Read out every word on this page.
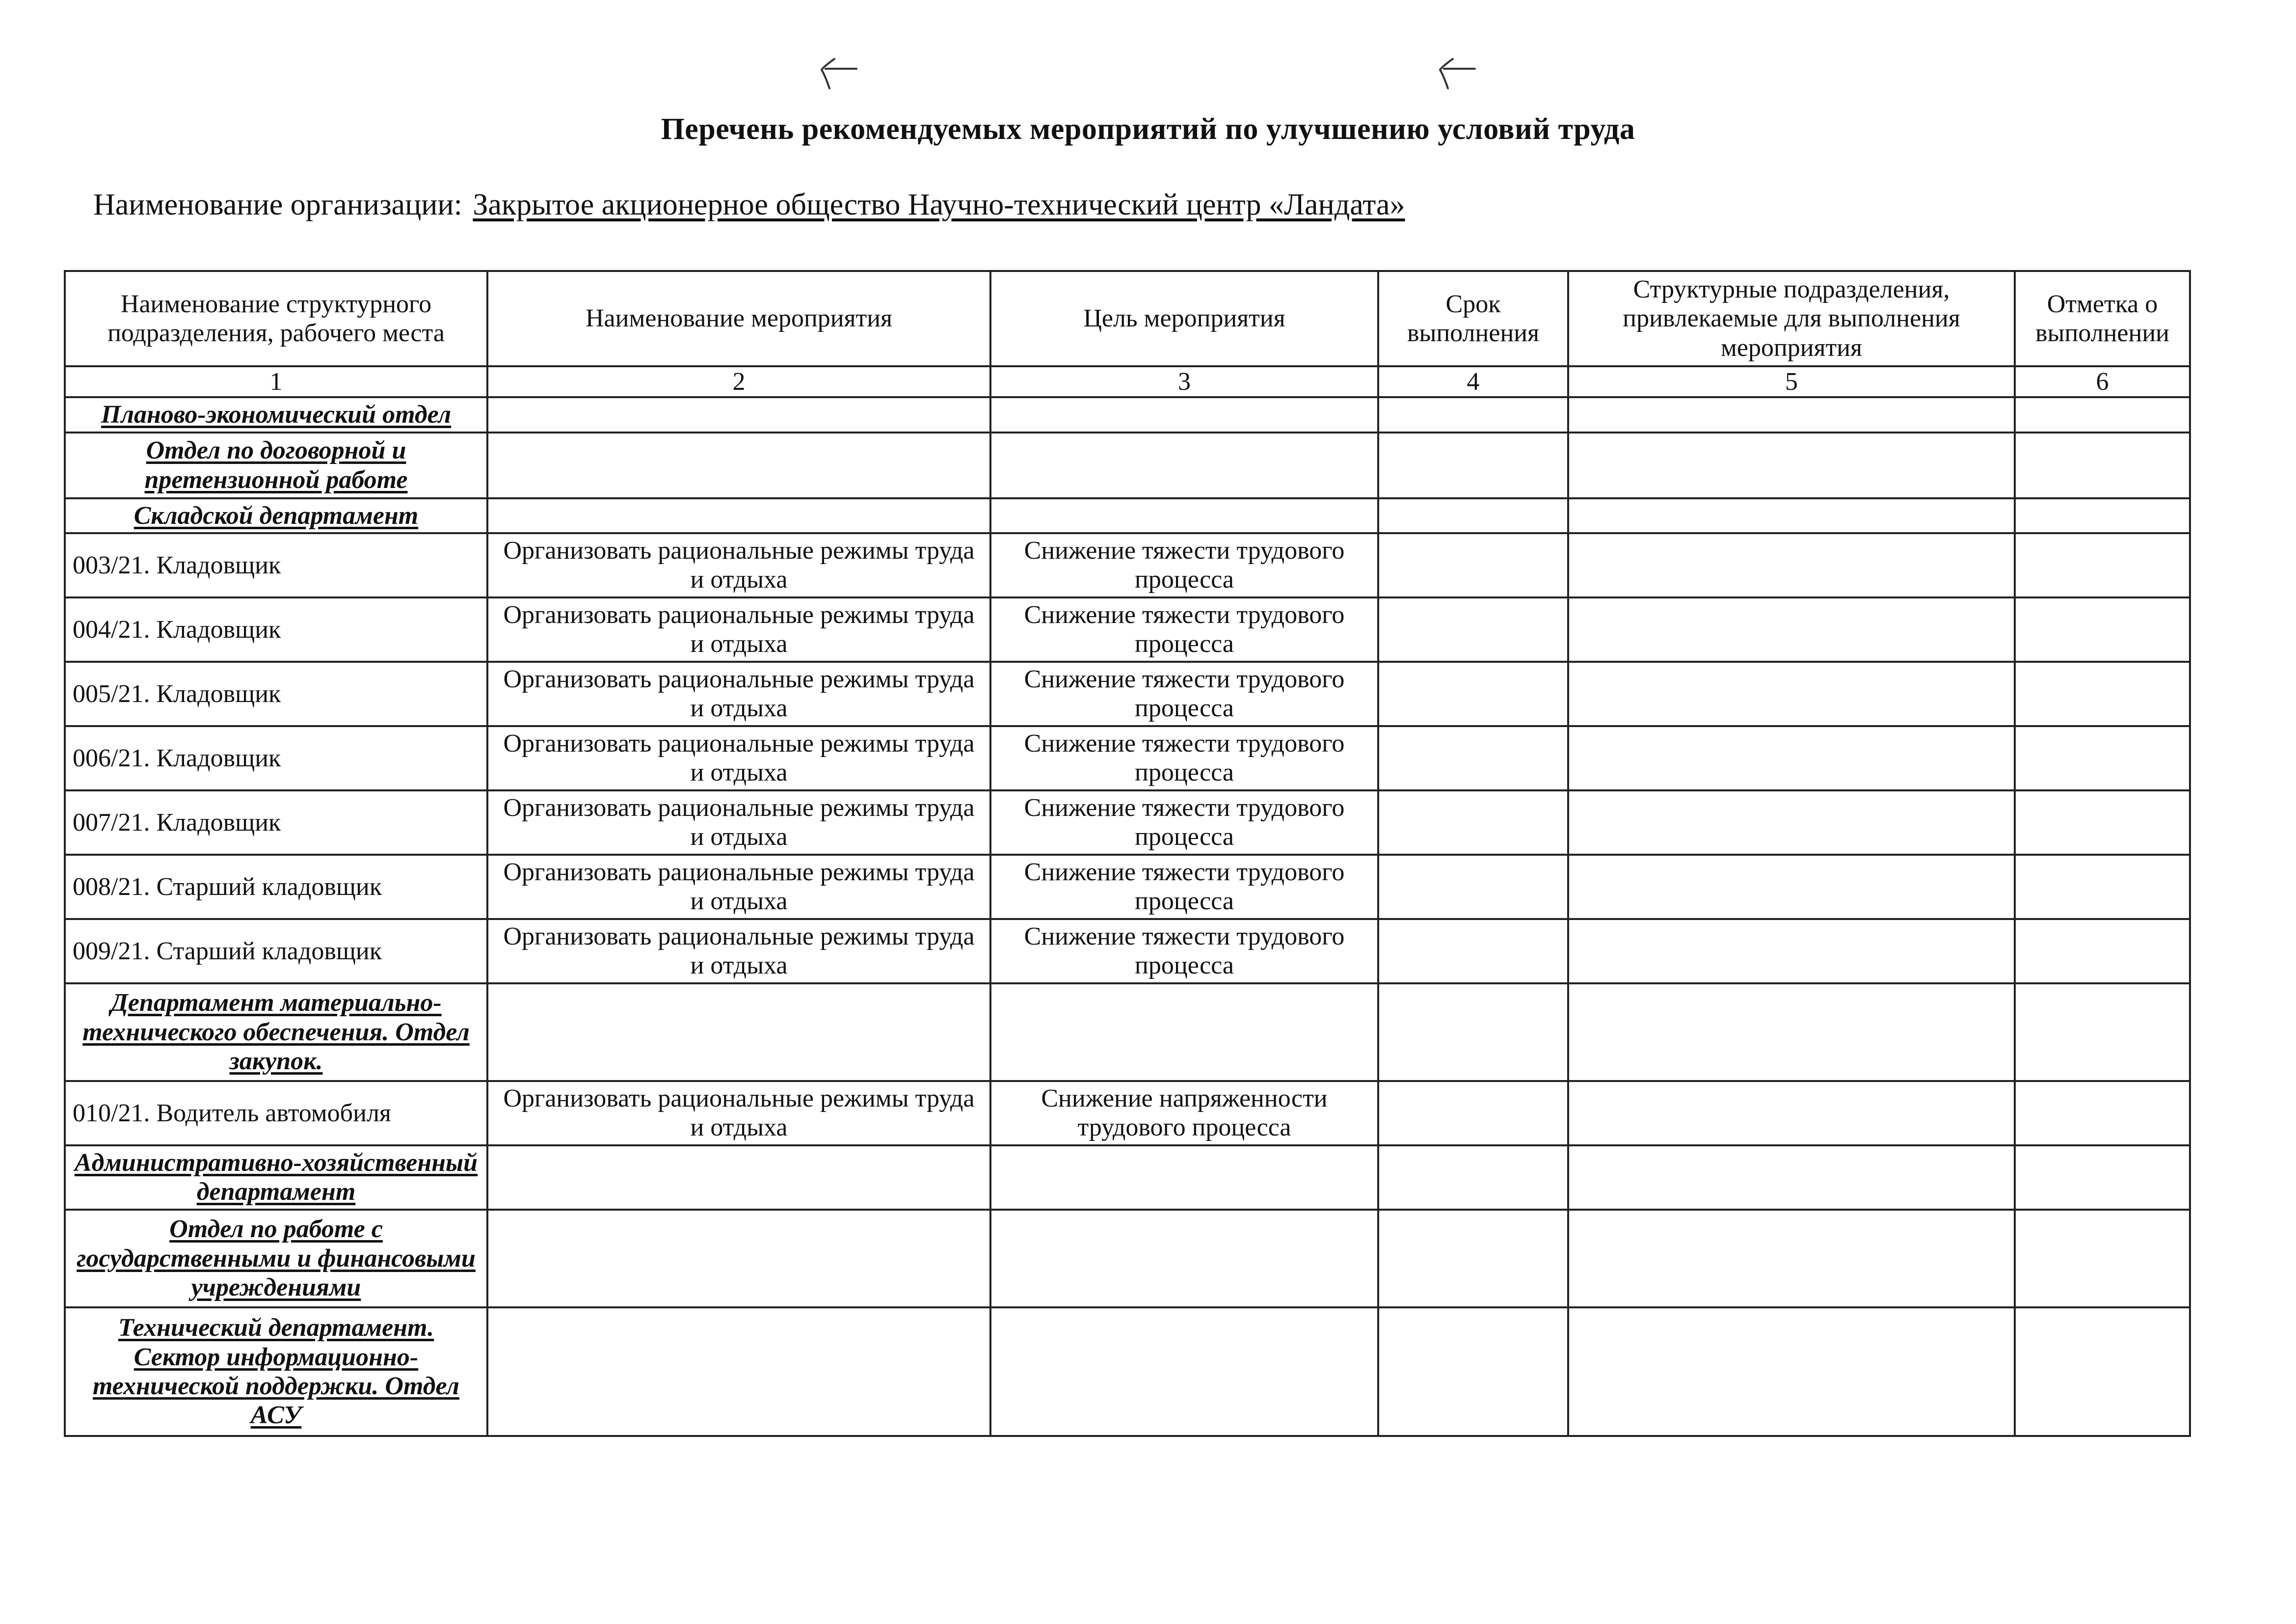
Перечень рекомендуемых мероприятий по улучшению условий труда
Наименование организации: Закрытое акционерное общество Научно-технический центр «Ландата»
Наименование структурного подразделения, рабочего места	Наименование мероприятия	Цель мероприятия	Срок выполнения	Структурные подразделения, привлекаемые для выполнения мероприятия	Отметка о выполнении
1	2	3	4	5	6
Планово-экономический отдел					
Отдел по договорной и претензионной работе					
Складской департамент					
003/21. Кладовщик	Организовать рациональные режимы труда и отдыха	Снижение тяжести трудового процесса			
004/21. Кладовщик	Организовать рациональные режимы труда и отдыха	Снижение тяжести трудового процесса			
005/21. Кладовщик	Организовать рациональные режимы труда и отдыха	Снижение тяжести трудового процесса			
006/21. Кладовщик	Организовать рациональные режимы труда и отдыха	Снижение тяжести трудового процесса			
007/21. Кладовщик	Организовать рациональные режимы труда и отдыха	Снижение тяжести трудового процесса			
008/21. Старший кладовщик	Организовать рациональные режимы труда и отдыха	Снижение тяжести трудового процесса			
009/21. Старший кладовщик	Организовать рациональные режимы труда и отдыха	Снижение тяжести трудового процесса			
Департамент материально-технического обеспечения. Отдел закупок.					
010/21. Водитель автомобиля	Организовать рациональные режимы труда и отдыха	Снижение напряженности трудового процесса			
Административно-хозяйственный департамент					
Отдел по работе с государственными и финансовыми учреждениями					
Технический департамент. Сектор информационно-технической поддержки. Отдел АСУ					
